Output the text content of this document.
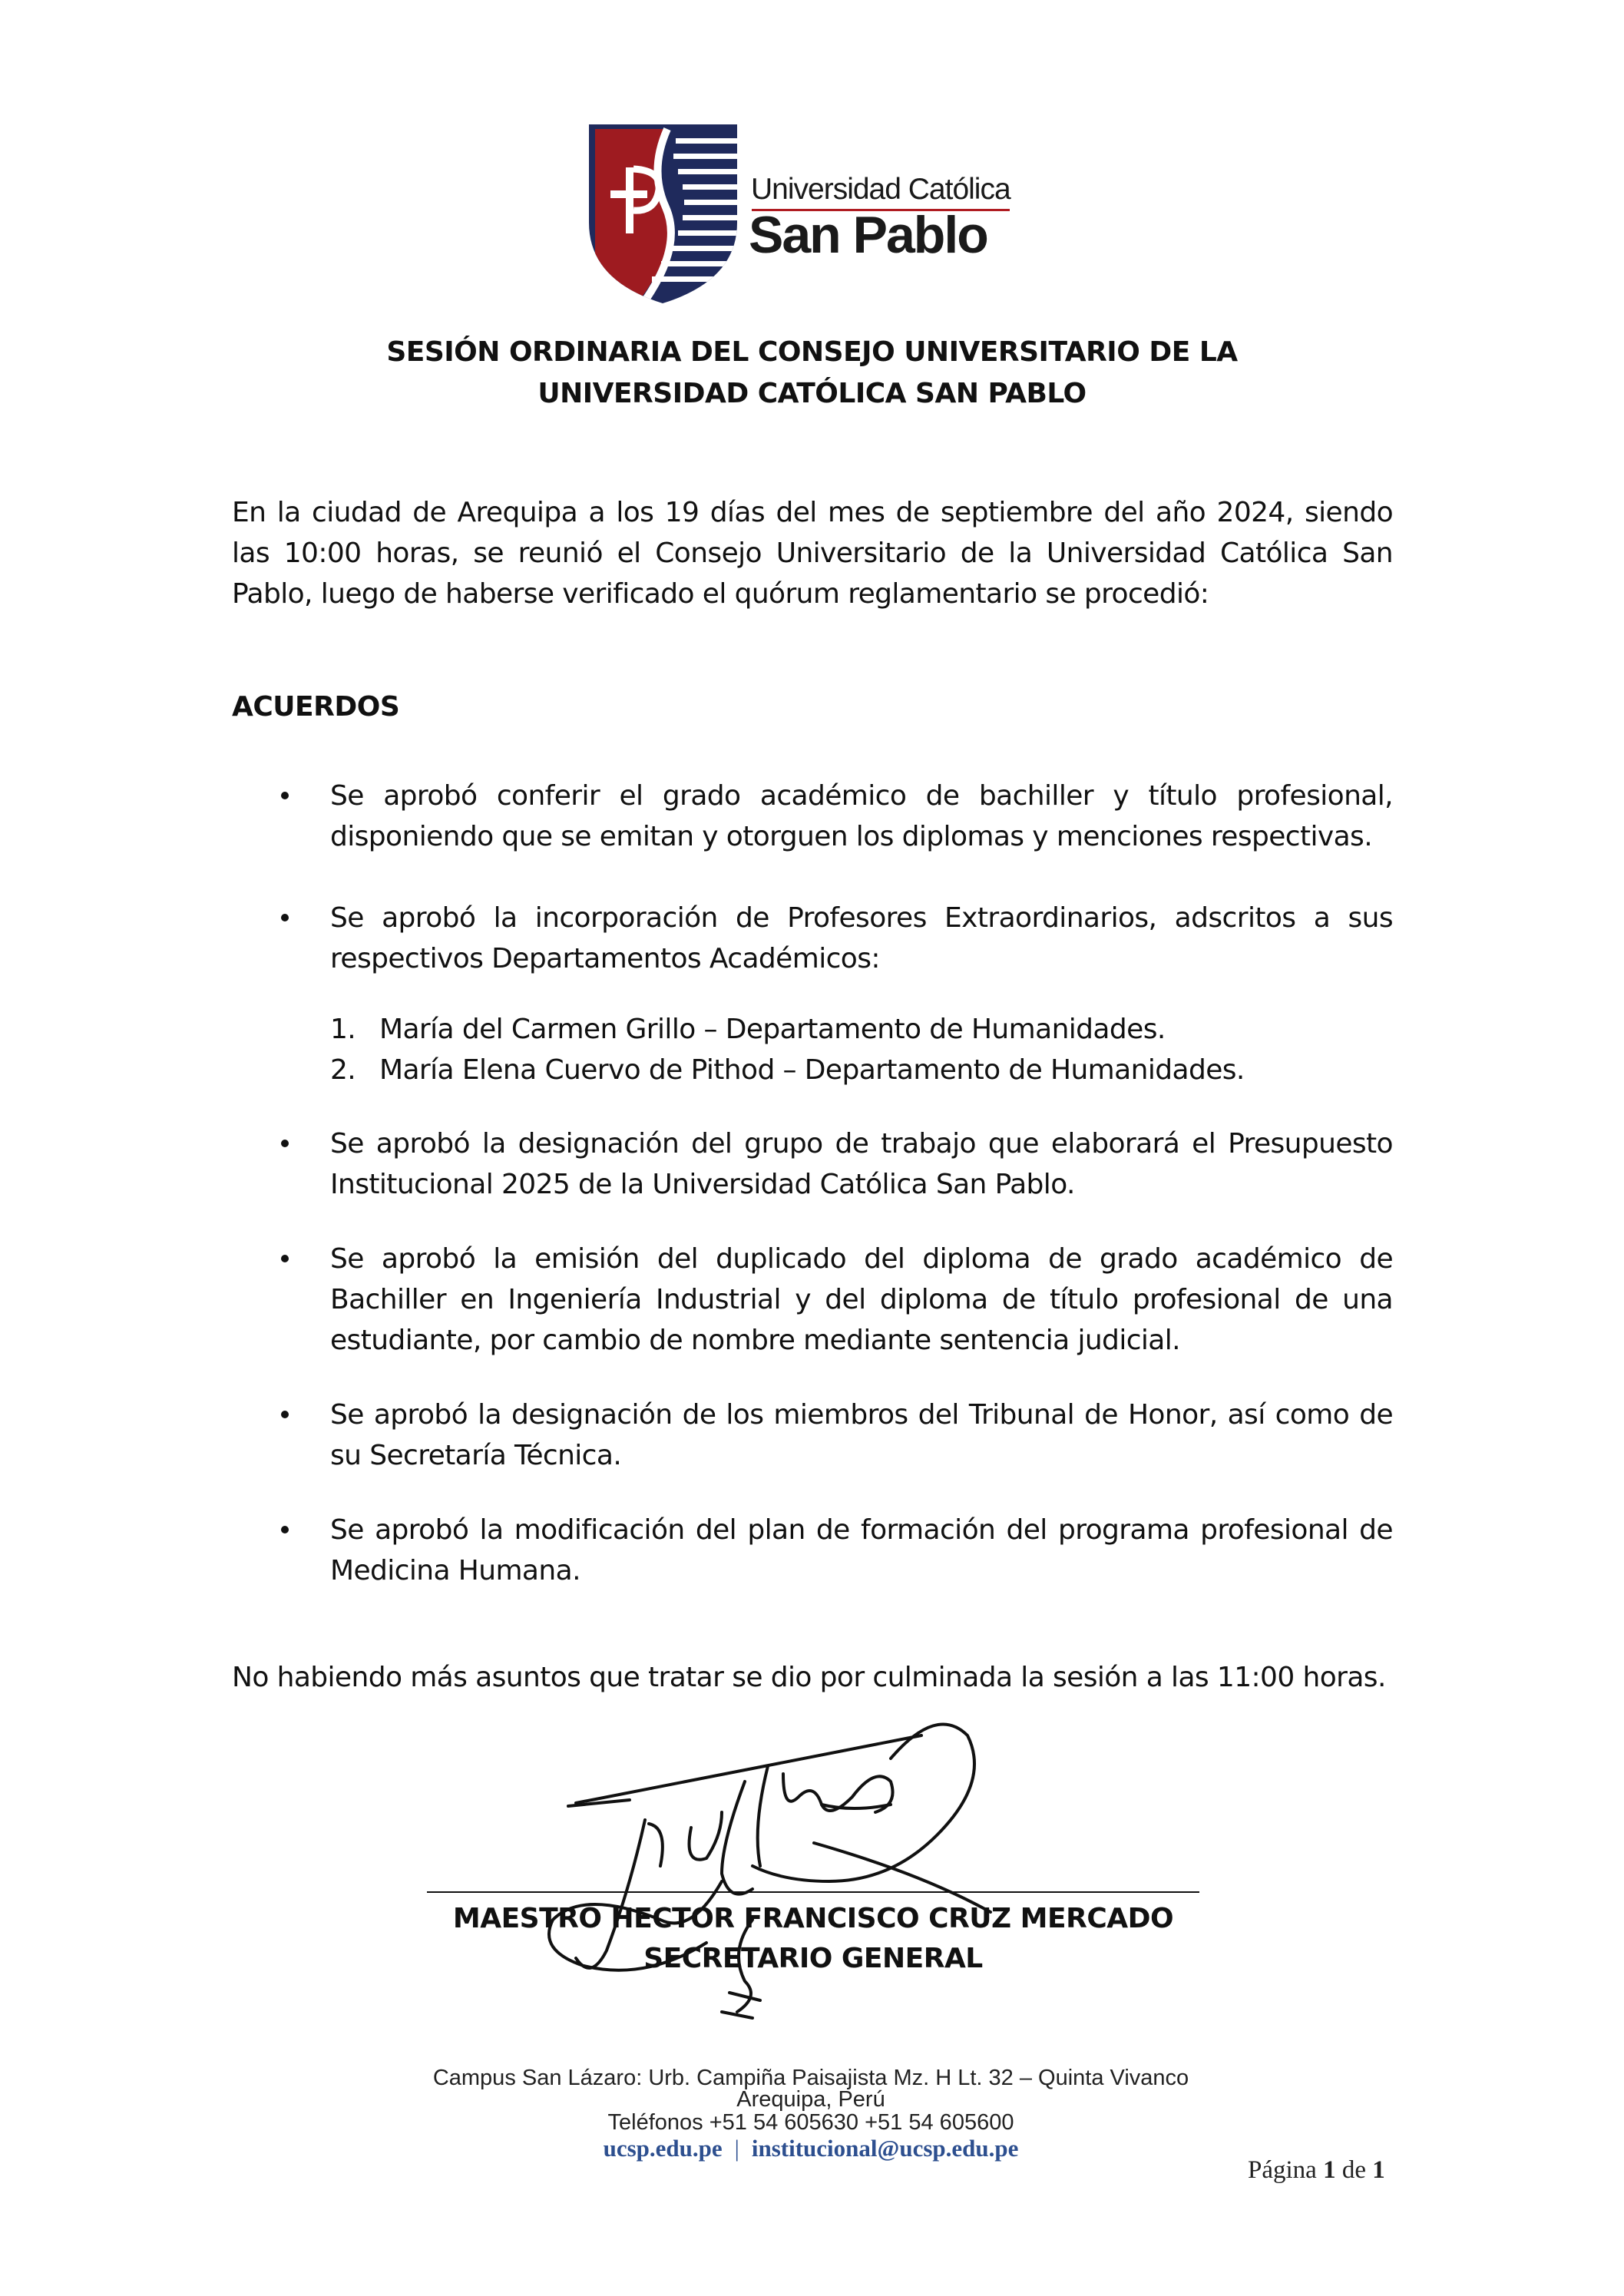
Universidad Católica
San Pablo
SESIÓN ORDINARIA DEL CONSEJO UNIVERSITARIO DE LA
UNIVERSIDAD CATÓLICA SAN PABLO
En la ciudad de Arequipa a los 19 días del mes de septiembre del año 2024, siendo las 10:00 horas, se reunió el Consejo Universitario de la Universidad Católica San Pablo, luego de haberse verificado el quórum reglamentario se procedió:
ACUERDOS
Se aprobó conferir el grado académico de bachiller y título profesional, disponiendo que se emitan y otorguen los diplomas y menciones respectivas.
Se aprobó la incorporación de Profesores Extraordinarios, adscritos a sus respectivos Departamentos Académicos:
1. María del Carmen Grillo – Departamento de Humanidades.
2. María Elena Cuervo de Pithod – Departamento de Humanidades.
Se aprobó la designación del grupo de trabajo que elaborará el Presupuesto Institucional 2025 de la Universidad Católica San Pablo.
Se aprobó la emisión del duplicado del diploma de grado académico de Bachiller en Ingeniería Industrial y del diploma de título profesional de una estudiante, por cambio de nombre mediante sentencia judicial.
Se aprobó la designación de los miembros del Tribunal de Honor, así como de su Secretaría Técnica.
Se aprobó la modificación del plan de formación del programa profesional de Medicina Humana.
No habiendo más asuntos que tratar se dio por culminada la sesión a las 11:00 horas.
MAESTRO HECTOR FRANCISCO CRUZ MERCADO
SECRETARIO GENERAL
Campus San Lázaro: Urb. Campiña Paisajista Mz. H Lt. 32 – Quinta Vivanco
Arequipa, Perú
Teléfonos +51 54 605630 +51 54 605600
ucsp.edu.pe | institucional@ucsp.edu.pe
Página 1 de 1
